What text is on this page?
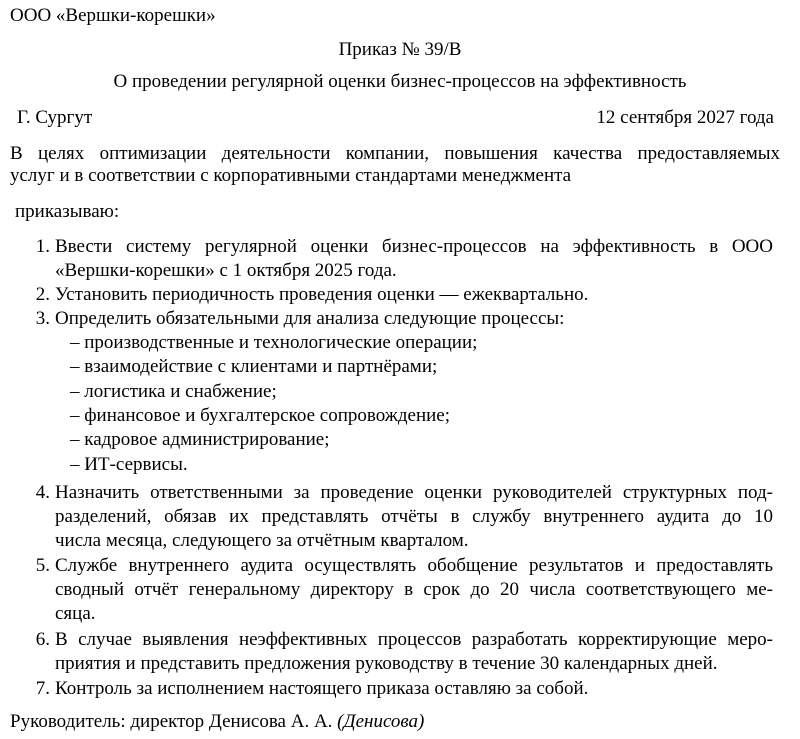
ООО «Вершки-корешки»
Приказ № 39/В
О проведении регулярной оценки бизнес-процессов на эффективность
Г. Сургут	12 сентября 2027 года
В целях оптимизации деятельности компании, повышения качества предоставляемых
услуг и в соответствии с корпоративными стандартами менеджмента
приказываю:
1. Ввести систему регулярной оценки бизнес-процессов на эффективность в ООО
«Вершки-корешки» с 1 октября 2025 года.
2. Установить периодичность проведения оценки — ежеквартально.
3. Определить обязательными для анализа следующие процессы:
– производственные и технологические операции;
– взаимодействие с клиентами и партнёрами;
– логистика и снабжение;
– финансовое и бухгалтерское сопровождение;
– кадровое администрирование;
– ИТ-сервисы.
4. Назначить ответственными за проведение оценки руководителей структурных под-
разделений, обязав их представлять отчёты в службу внутреннего аудита до 10
числа месяца, следующего за отчётным кварталом.
5. Службе внутреннего аудита осуществлять обобщение результатов и предоставлять
сводный отчёт генеральному директору в срок до 20 числа соответствующего ме-
сяца.
6. В случае выявления неэффективных процессов разработать корректирующие меро-
приятия и представить предложения руководству в течение 30 календарных дней.
7. Контроль за исполнением настоящего приказа оставляю за собой.
Руководитель: директор Денисова А. А. (Денисова)
